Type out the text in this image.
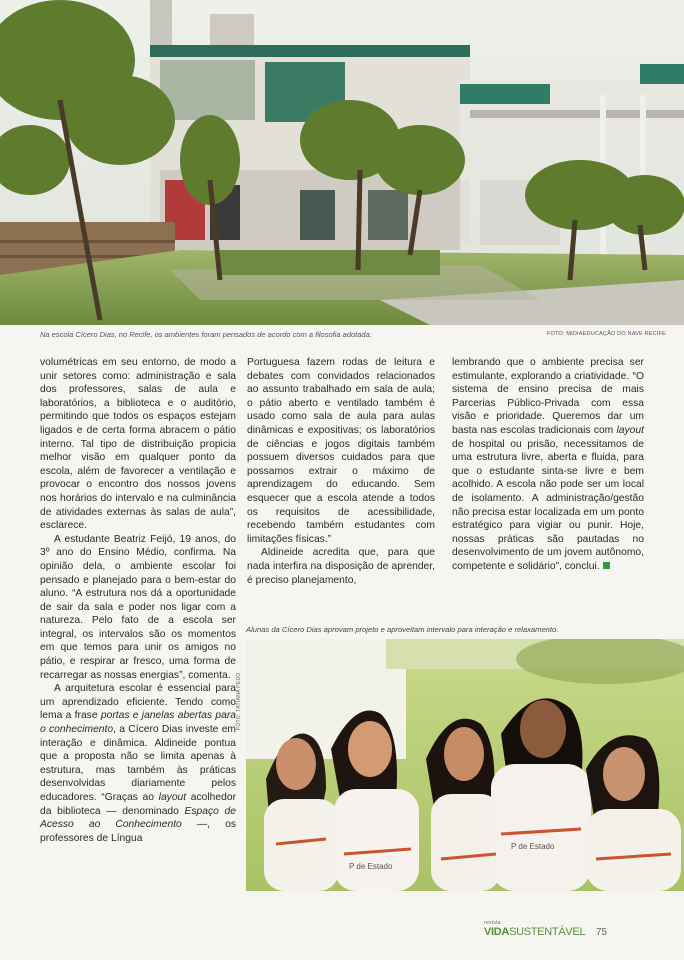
Na escola Cícero Dias, no Recife, os ambientes foram pensados de acordo com a filosofia adotada.	FOTO: MIDIAEDUCAÇÃO DO NAVE RECIFE

volumétricas em seu entorno, de modo a unir setores como: administração e sala dos professores, salas de aula e laboratórios, a biblioteca e o auditório, permitindo que todos os espaços estejam ligados e de certa forma abracem o pátio interno. Tal tipo de distribuição propicia melhor visão em qualquer ponto da escola, além de favorecer a ventilação e provocar o encontro dos nossos jovens nos horários do intervalo e na culminância de atividades externas às salas de aula”, esclarece.

A estudante Beatriz Feijó, 19 anos, do 3º ano do Ensino Médio, confirma. Na opinião dela, o ambiente escolar foi pensado e planejado para o bem-estar do aluno. “A estrutura nos dá a oportunidade de sair da sala e poder nos ligar com a natureza. Pelo fato de a escola ser integral, os intervalos são os momentos em que temos para unir os amigos no pátio, e respirar ar fresco, uma forma de recarregar as nossas energias”, comenta.

A arquitetura escolar é essencial para um aprendizado eficiente. Tendo como lema a frase portas e janelas abertas para o conhecimento, a Cícero Dias investe em interação e dinâmica. Aldineide pontua que a proposta não se limita apenas à estrutura, mas também às práticas desenvolvidas diariamente pelos educadores. “Graças ao layout acolhedor da biblioteca — denominado Espaço de Acesso ao Conhecimento —, os professores de Língua

Portuguesa fazem rodas de leitura e debates com convidados relacionados ao assunto trabalhado em sala de aula; o pátio aberto e ventilado também é usado como sala de aula para aulas dinâmicas e expositivas; os laboratórios de ciências e jogos digitais também possuem diversos cuidados para que possamos extrair o máximo de aprendizagem do educando. Sem esquecer que a escola atende a todos os requisitos de acessibilidade, recebendo também estudantes com limitações físicas.”

Aldineide acredita que, para que nada interfira na disposição de aprender, é preciso planejamento,

lembrando que o ambiente precisa ser estimulante, explorando a criatividade. “O sistema de ensino precisa de mais Parcerias Público-Privada com essa visão e prioridade. Queremos dar um basta nas escolas tradicionais com layout de hospital ou prisão, necessitamos de uma estrutura livre, aberta e fluida, para que o estudante sinta-se livre e bem acolhido. A escola não pode ser um local de isolamento. A administração/gestão não precisa estar localizada em um ponto estratégico para vigiar ou punir. Hoje, nossas práticas são pautadas no desenvolvimento de um jovem autônomo, competente e solidário”, conclui.

Alunas da Cícero Dias aprovam projeto e aproveitam intervalo para interação e relaxamento.
FOTO: TATIANA PEDO
P de Estado
P de Estado
revista
VIDASUSTENTÁVEL 75
